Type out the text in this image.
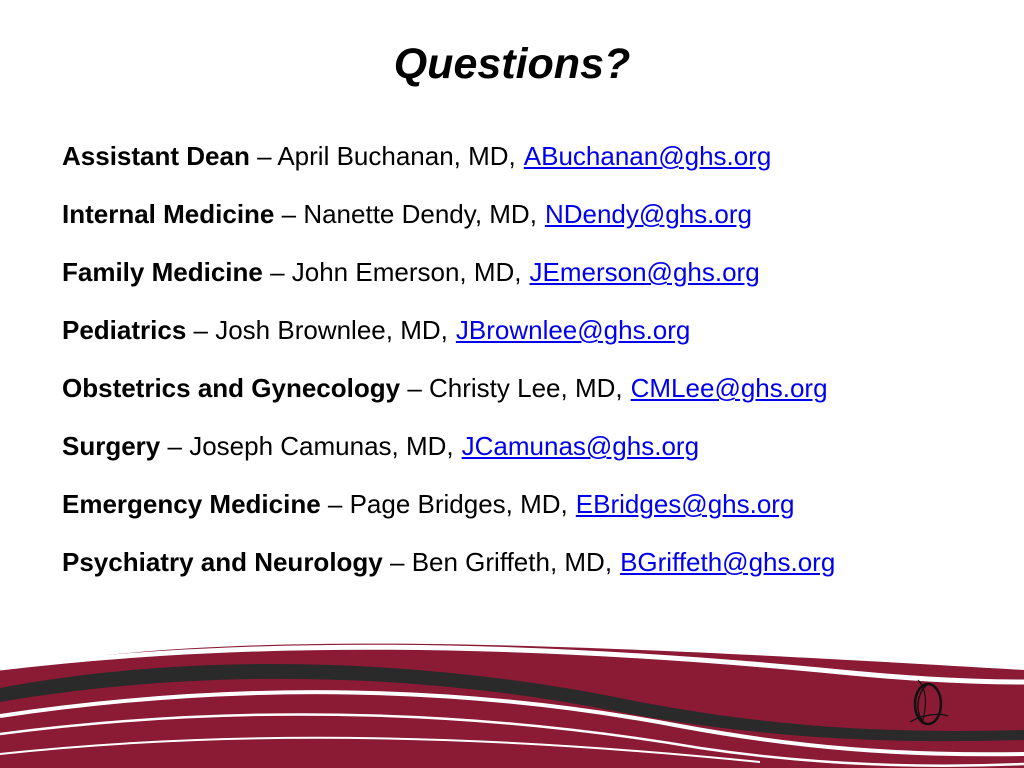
Questions?
Assistant Dean – April Buchanan, MD, ABuchanan@ghs.org
Internal Medicine – Nanette Dendy, MD, NDendy@ghs.org
Family Medicine – John Emerson, MD, JEmerson@ghs.org
Pediatrics – Josh Brownlee, MD, JBrownlee@ghs.org
Obstetrics and Gynecology – Christy Lee, MD, CMLee@ghs.org
Surgery – Joseph Camunas, MD, JCamunas@ghs.org
Emergency Medicine – Page Bridges, MD, EBridges@ghs.org
Psychiatry and Neurology – Ben Griffeth, MD, BGriffeth@ghs.org
